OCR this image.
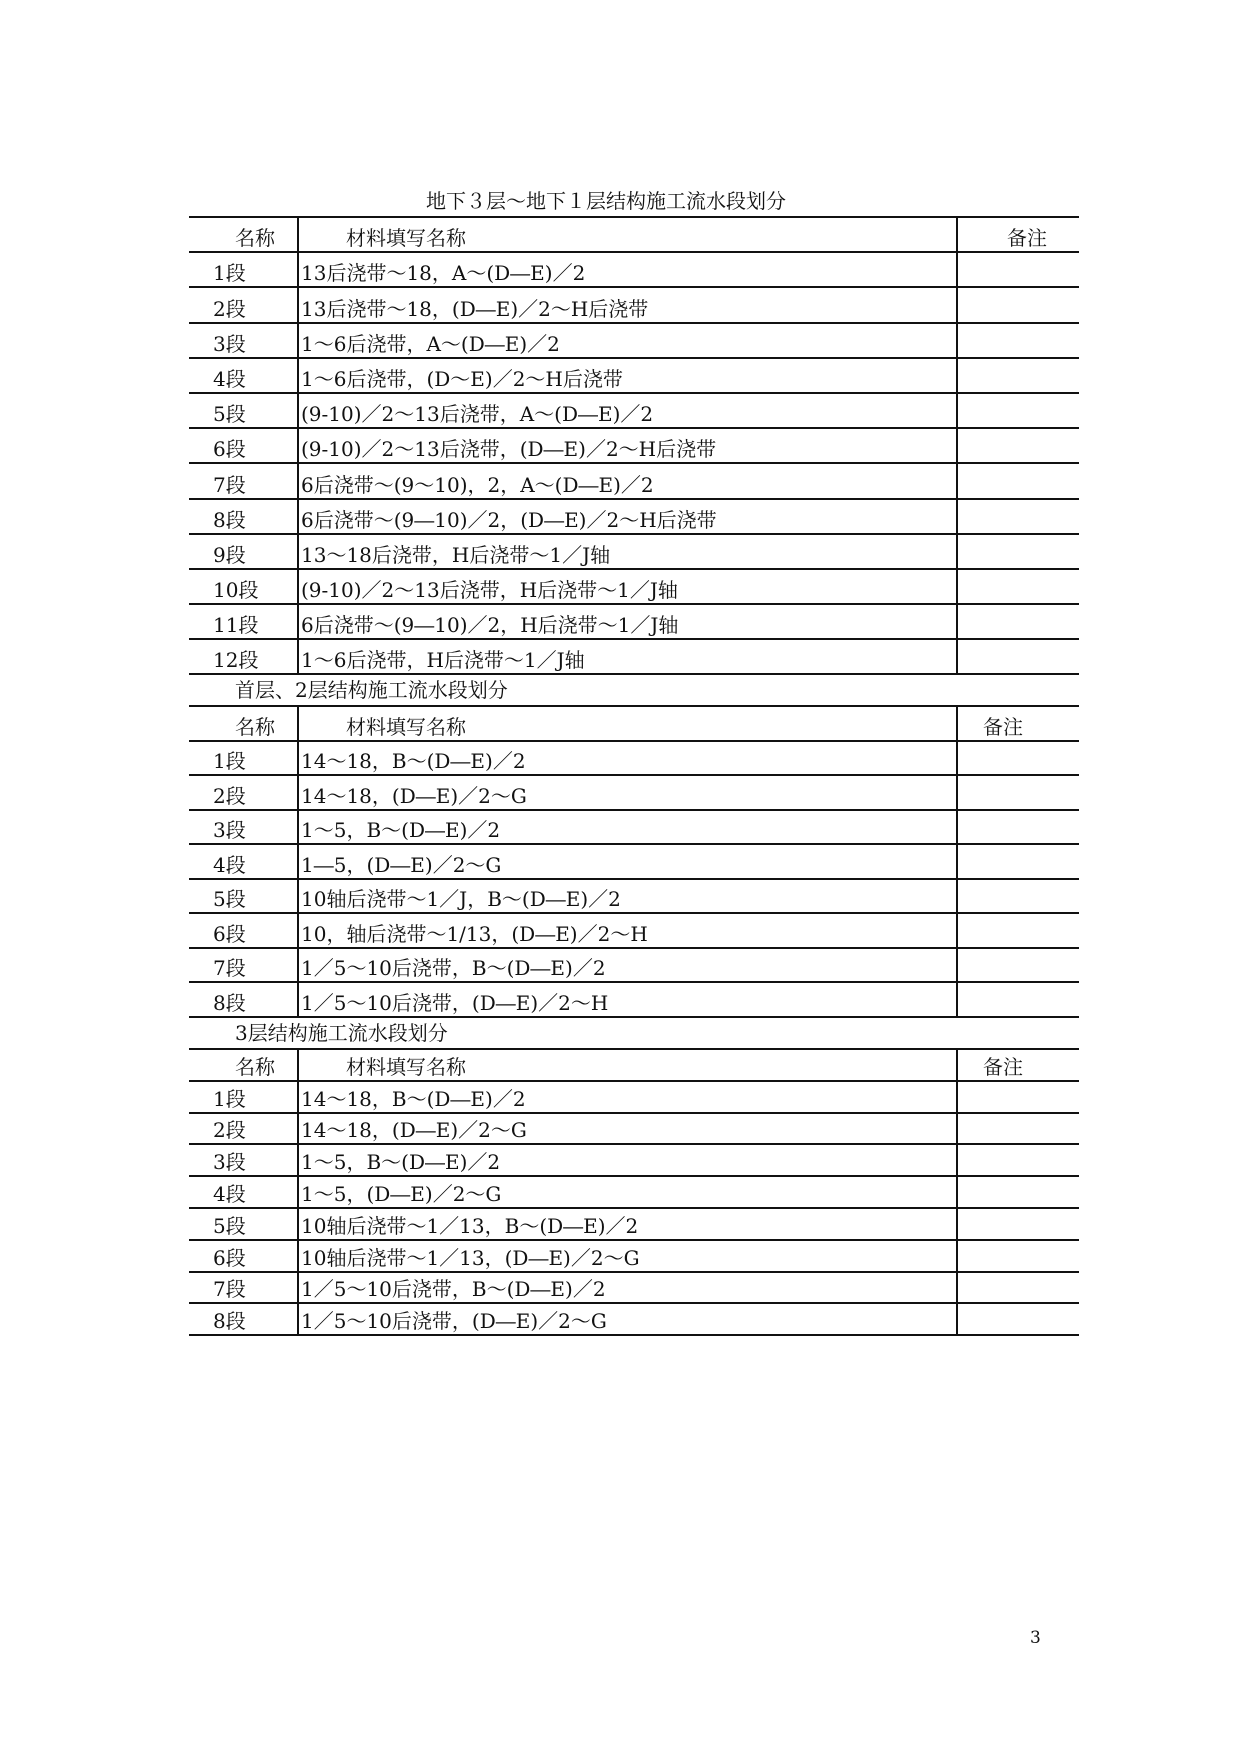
地下３层～地下１层结构施工流水段划分
名称	材料填写名称	备注
1段	13后浇带～18，A～(D―E)／2	
2段	13后浇带～18，(D―E)／2～H后浇带	
3段	1～6后浇带，A～(D―E)／2	
4段	1～6后浇带，(D～E)／2～H后浇带	
5段	(9-10)／2～13后浇带，A～(D―E)／2	
6段	(9-10)／2～13后浇带，(D―E)／2～H后浇带	
7段	6后浇带～(9～10)，2，A～(D―E)／2	
8段	6后浇带～(9―10)／2，(D―E)／2～H后浇带	
9段	13～18后浇带，H后浇带～1／J轴	
10段	(9-10)／2～13后浇带，H后浇带～1／J轴	
11段	6后浇带～(9―10)／2，H后浇带～1／J轴	
12段	1～6后浇带，H后浇带～1／J轴	
首层、2层结构施工流水段划分
名称	材料填写名称	备注
1段	14～18，B～(D―E)／2	
2段	14～18，(D―E)／2～G	
3段	1～5，B～(D―E)／2	
4段	1―5，(D―E)／2～G	
5段	10轴后浇带～1／J，B～(D―E)／2	
6段	10，轴后浇带～1/13，(D―E)／2～H	
7段	1／5～10后浇带，B～(D―E)／2	
8段	1／5～10后浇带，(D―E)／2～H	
3层结构施工流水段划分
名称	材料填写名称	备注
1段	14～18，B～(D―E)／2	
2段	14～18，(D―E)／2～G	
3段	1～5，B～(D―E)／2	
4段	1～5，(D―E)／2～G	
5段	10轴后浇带～1／13，B～(D―E)／2	
6段	10轴后浇带～1／13，(D―E)／2～G	
7段	1／5～10后浇带，B～(D―E)／2	
8段	1／5～10后浇带，(D―E)／2～G	
3
